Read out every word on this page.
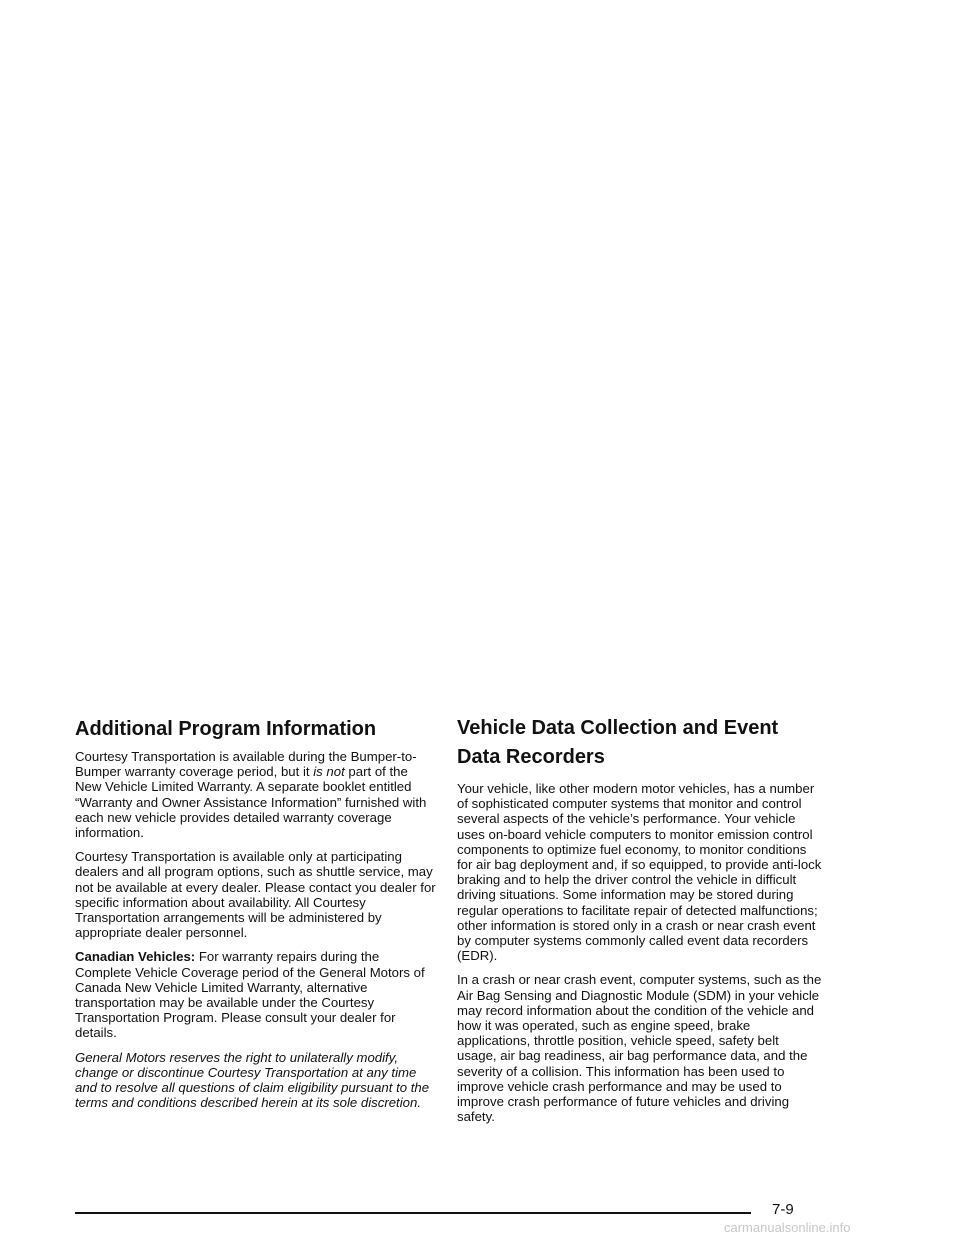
Additional Program Information

Courtesy Transportation is available during the Bumper-to-Bumper warranty coverage period, but it is not part of the New Vehicle Limited Warranty. A separate booklet entitled “Warranty and Owner Assistance Information” furnished with each new vehicle provides detailed warranty coverage information.

Courtesy Transportation is available only at participating dealers and all program options, such as shuttle service, may not be available at every dealer. Please contact you dealer for specific information about availability. All Courtesy Transportation arrangements will be administered by appropriate dealer personnel.

Canadian Vehicles: For warranty repairs during the Complete Vehicle Coverage period of the General Motors of Canada New Vehicle Limited Warranty, alternative transportation may be available under the Courtesy Transportation Program. Please consult your dealer for details.

General Motors reserves the right to unilaterally modify, change or discontinue Courtesy Transportation at any time and to resolve all questions of claim eligibility pursuant to the terms and conditions described herein at its sole discretion.

Vehicle Data Collection and Event Data Recorders

Your vehicle, like other modern motor vehicles, has a number of sophisticated computer systems that monitor and control several aspects of the vehicle’s performance. Your vehicle uses on-board vehicle computers to monitor emission control components to optimize fuel economy, to monitor conditions for air bag deployment and, if so equipped, to provide anti-lock braking and to help the driver control the vehicle in difficult driving situations. Some information may be stored during regular operations to facilitate repair of detected malfunctions; other information is stored only in a crash or near crash event by computer systems commonly called event data recorders (EDR).

In a crash or near crash event, computer systems, such as the Air Bag Sensing and Diagnostic Module (SDM) in your vehicle may record information about the condition of the vehicle and how it was operated, such as engine speed, brake applications, throttle position, vehicle speed, safety belt usage, air bag readiness, air bag performance data, and the severity of a collision. This information has been used to improve vehicle crash performance and may be used to improve crash performance of future vehicles and driving safety.

7-9
carmanualsonline.info
